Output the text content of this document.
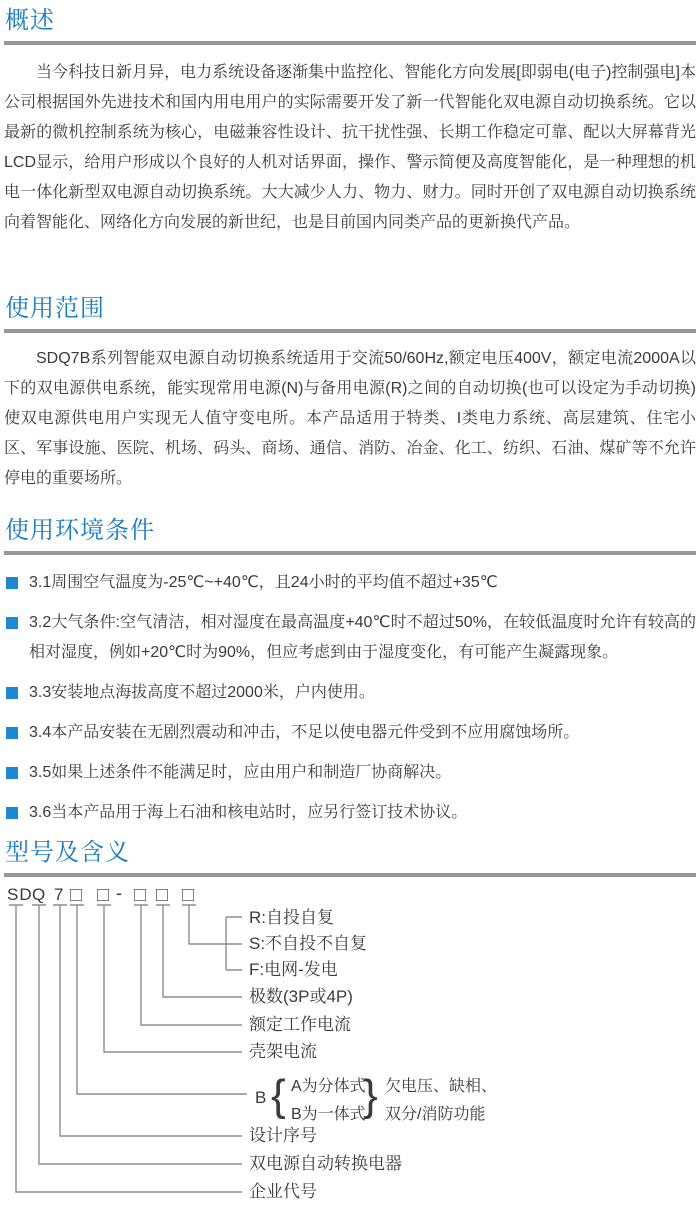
概述

当今科技日新月异，电力系统设备逐渐集中监控化、智能化方向发展[即弱电(电子)控制强电]本公司根据国外先进技术和国内用电用户的实际需要开发了新一代智能化双电源自动切换系统。它以最新的微机控制系统为核心，电磁兼容性设计、抗干扰性强、长期工作稳定可靠、配以大屏幕背光LCD显示，给用户形成以个良好的人机对话界面，操作、警示简便及高度智能化，是一种理想的机电一体化新型双电源自动切换系统。大大减少人力、物力、财力。同时开创了双电源自动切换系统向着智能化、网络化方向发展的新世纪，也是目前国内同类产品的更新换代产品。

使用范围

SDQ7B系列智能双电源自动切换系统适用于交流50/60Hz,额定电压400V，额定电流2000A以下的双电源供电系统，能实现常用电源(N)与备用电源(R)之间的自动切换(也可以设定为手动切换)使双电源供电用户实现无人值守变电所。本产品适用于特类、I类电力系统、高层建筑、住宅小区、军事设施、医院、机场、码头、商场、通信、消防、冶金、化工、纺织、石油、煤矿等不允许停电的重要场所。

使用环境条件
3.1周围空气温度为-25℃~+40℃，且24小时的平均值不超过+35℃
3.2大气条件:空气清洁，相对湿度在最高温度+40℃时不超过50%，在较低温度时允许有较高的相对湿度，例如+20℃时为90%，但应考虑到由于湿度变化，有可能产生凝露现象。
3.3安装地点海拔高度不超过2000米，户内使用。
3.4本产品安装在无剧烈震动和冲击，不足以使电器元件受到不应用腐蚀场所。
3.5如果上述条件不能满足时，应由用户和制造厂协商解决。
3.6当本产品用于海上石油和核电站时，应另行签订技术协议。
型号及含义
SD Q 7 □ □ - □ □ □
R:自投自复
S:不自投不自复
F:电网-发电
极数(3P或4P)
额定工作电流
壳架电流
B { A为分体式
B为一体式
} 欠电压、缺相、
双分/消防功能
设计序号
双电源自动转换电器
企业代号
